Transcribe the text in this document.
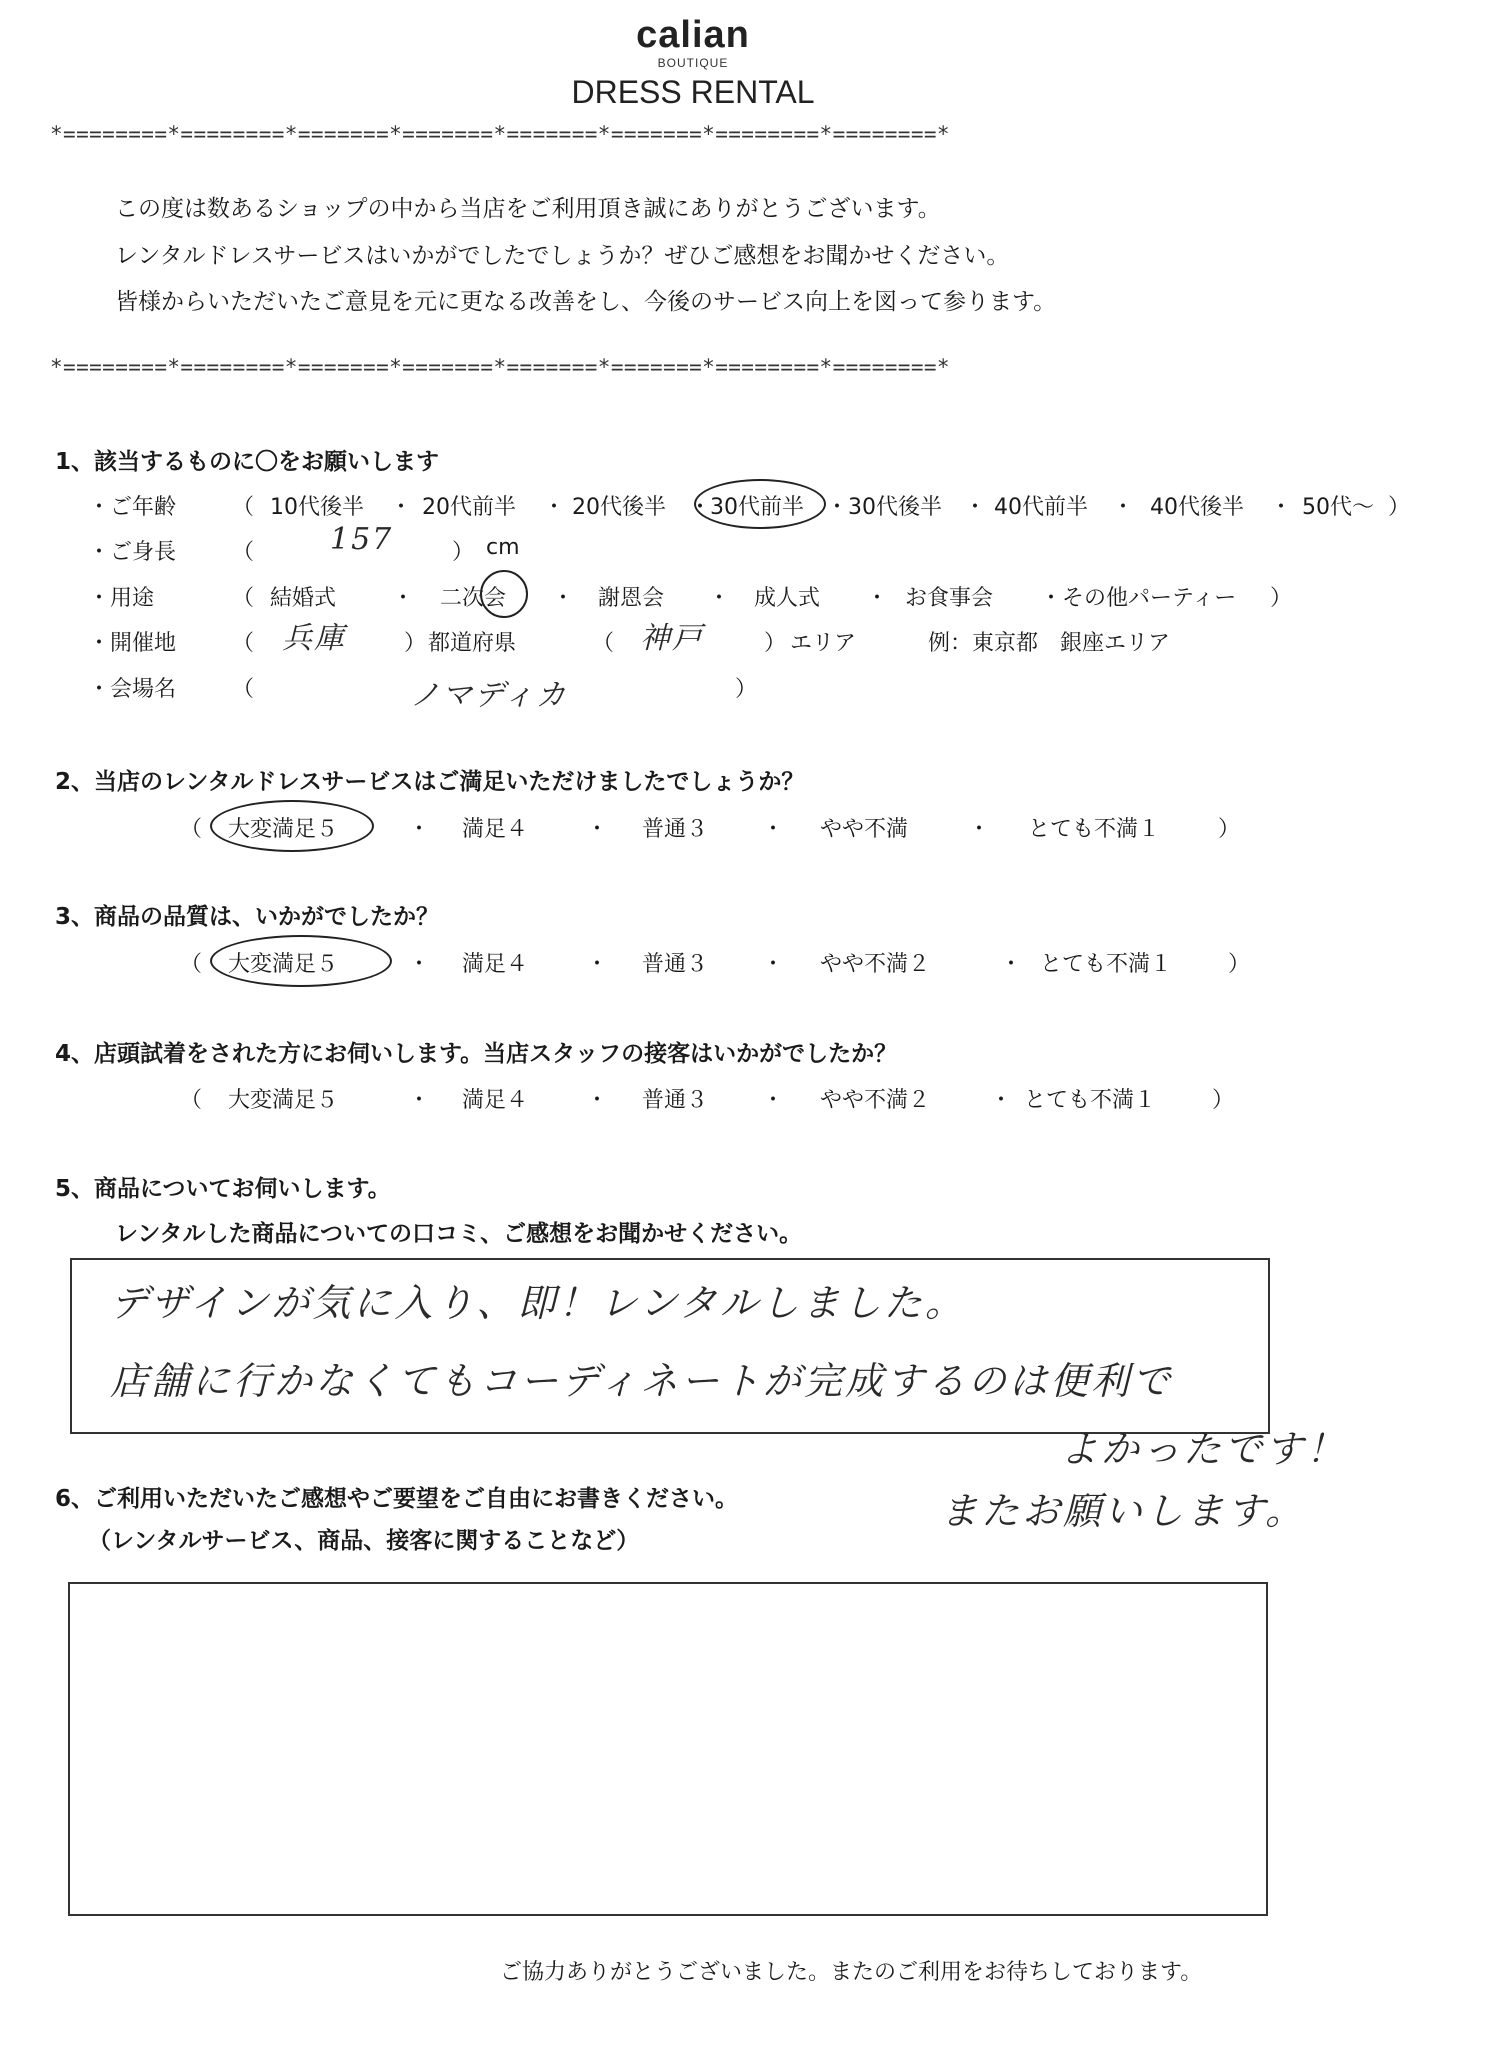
calian
BOUTIQUE
DRESS RENTAL
*========*========*=======*=======*=======*=======*========*========*
この度は数あるショップの中から当店をご利用頂き誠にありがとうございます。
レンタルドレスサービスはいかがでしたでしょうか？ぜひご感想をお聞かせください。
皆様からいただいたご意見を元に更なる改善をし、今後のサービス向上を図って参ります。
*========*========*=======*=======*=======*=======*========*========*
1、該当するものに〇をお願いします
・ご年齢	（ 10代後半 ・ 20代前半 ・ 20代後半 ・
30代前半 ・ 30代後半 ・ 40代前半 ・ 40代後半 ・ 50代〜 ）
・ご身長	（	157	） cm
・用途	（ 結婚式	・ 二次会 ・ 謝恩会 ・ 成人式 ・ お食事会 ・ その他パーティー ）
・開催地	（ 兵庫	） 都道府県	（ 神戸	） エリア	例：東京都　銀座エリア
・会場名	（	ノマディカ	）
2、当店のレンタルドレスサービスはご満足いただけましたでしょうか？
（ 大変満足５	・ 満足４	・ 普通３ ・ やや不満	・ とても不満１	）
3、商品の品質は、いかがでしたか？
（ 大変満足５	・ 満足４	・ 普通３ ・ やや不満２	・ とても不満１	）
4、店頭試着をされた方にお伺いします。当店スタッフの接客はいかがでしたか？
（ 大変満足５	・ 満足４	・ 普通３ ・ やや不満２	・ とても不満１	）
5、商品についてお伺いします。
レンタルした商品についての口コミ、ご感想をお聞かせください。
デザインが気に入り、即！レンタルしました。
店舗に行かなくてもコーディネートが完成するのは便利で
よかったです！
またお願いします。
6、ご利用いただいたご感想やご要望をご自由にお書きください。
（レンタルサービス、商品、接客に関することなど）
ご協力ありがとうございました。またのご利用をお待ちしております。
